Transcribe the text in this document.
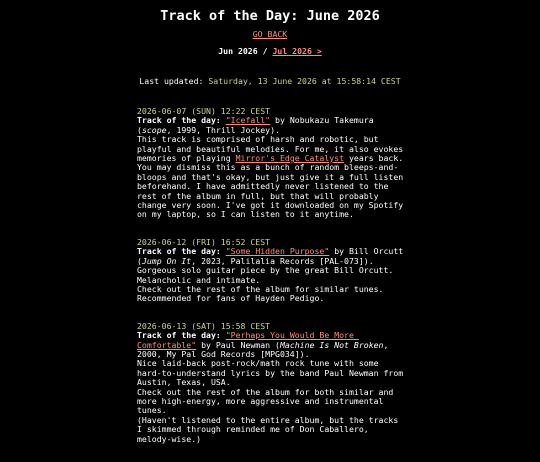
Track of the Day: June 2026
GO BACK
Jun 2026 / Jul 2026 >
Last updated: Saturday, 13 June 2026 at 15:58:14 CEST
2026-06-07 (SUN) 12:22 CEST
Track of the day: "Icefall" by Nobukazu Takemura (scope, 1999, Thrill Jockey).
This track is comprised of harsh and robotic, but playful and beautiful melodies. For me, it also evokes memories of playing Mirror's Edge Catalyst years back.
You may dismiss this as a bunch of random bleeps-and-bloops and that's okay, but just give it a full listen beforehand. I have admittedly never listened to the rest of the album in full, but that will probably change very soon. I've got it downloaded on my Spotify on my laptop, so I can listen to it anytime.
2026-06-12 (FRI) 16:52 CEST
Track of the day: "Some Hidden Purpose" by Bill Orcutt (Jump On It, 2023, Palilalia Records [PAL-073]).
Gorgeous solo guitar piece by the great Bill Orcutt. Melancholic and intimate.
Check out the rest of the album for similar tunes. Recommended for fans of Hayden Pedigo.
2026-06-13 (SAT) 15:58 CEST
Track of the day: "Perhaps You Would Be More Comfortable" by Paul Newman (Machine Is Not Broken, 2000, My Pal God Records [MPG034]).
Nice laid-back post-rock/math rock tune with some hard-to-understand lyrics by the band Paul Newman from Austin, Texas, USA.
Check out the rest of the album for both similar and more high-energy, more aggressive and instrumental tunes.
(Haven't listened to the entire album, but the tracks I skimmed through reminded me of Don Caballero, melody-wise.)
